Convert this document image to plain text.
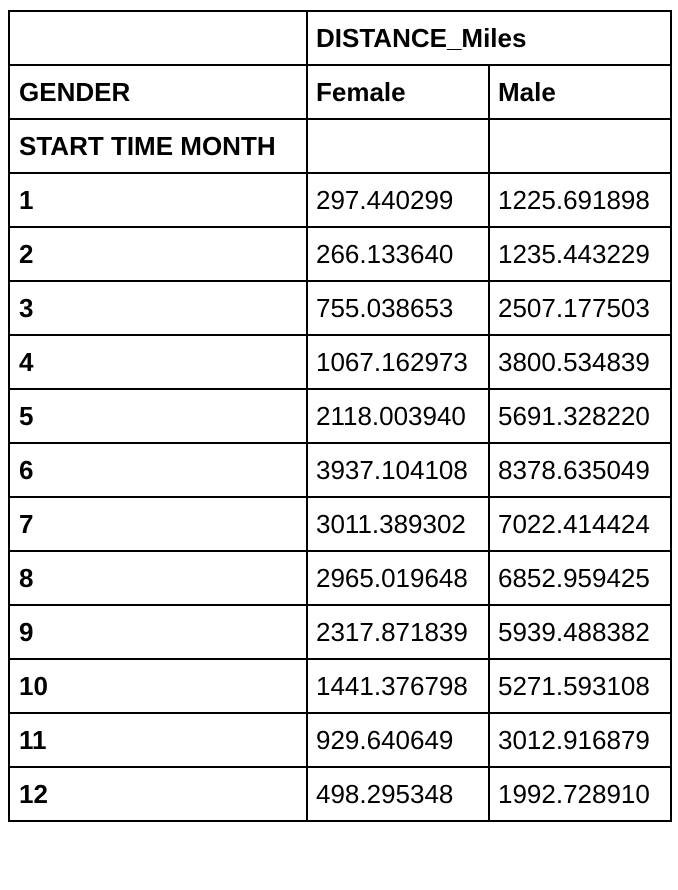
	DISTANCE_Miles	
GENDER	Female	Male
START TIME MONTH		
1	297.440299	1225.691898
2	266.133640	1235.443229
3	755.038653	2507.177503
4	1067.162973	3800.534839
5	2118.003940	5691.328220
6	3937.104108	8378.635049
7	3011.389302	7022.414424
8	2965.019648	6852.959425
9	2317.871839	5939.488382
10	1441.376798	5271.593108
11	929.640649	3012.916879
12	498.295348	1992.728910
